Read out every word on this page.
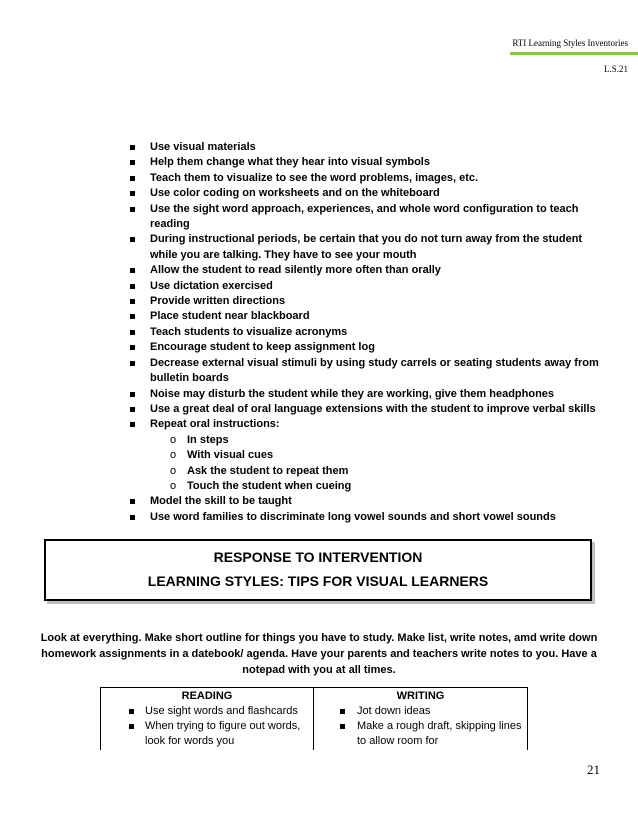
RTI Learning Styles Inventories
L.S.21
Use visual materials
Help them change what they hear into visual symbols
Teach them to visualize to see the word problems, images, etc.
Use color coding on worksheets and on the whiteboard
Use the sight word approach, experiences, and whole word configuration to teach reading
During instructional periods, be certain that you do not turn away from the student while you are talking. They have to see your mouth
Allow the student to read silently more often than orally
Use dictation exercised
Provide written directions
Place student near blackboard
Teach students to visualize acronyms
Encourage student to keep assignment log
Decrease external visual stimuli by using study carrels or seating students away from bulletin boards
Noise may disturb the student while they are working, give them headphones
Use a great deal of oral language extensions with the student to improve verbal skills
Repeat oral instructions:
o In steps
o With visual cues
o Ask the student to repeat them
o Touch the student when cueing
Model the skill to be taught
Use word families to discriminate long vowel sounds and short vowel sounds
RESPONSE TO INTERVENTION
LEARNING STYLES: TIPS FOR VISUAL LEARNERS
Look at everything. Make short outline for things you have to study. Make list, write notes, amd write down homework assignments in a datebook/ agenda. Have your parents and teachers write notes to you. Have a notepad with you at all times.
READING
Use sight words and flashcards
When trying to figure out words, look for words you
WRITING
Jot down ideas
Make a rough draft, skipping lines to allow room for
21
